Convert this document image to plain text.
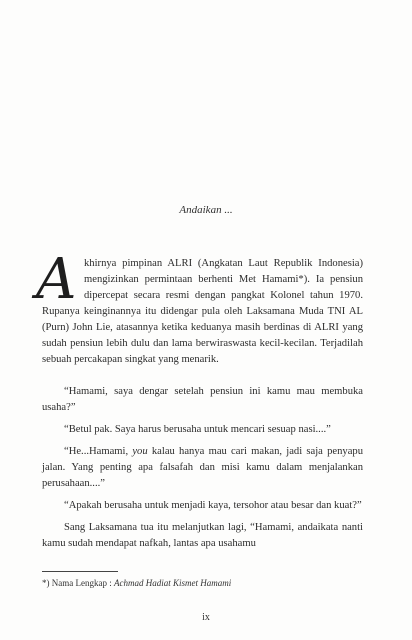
Andaikan ...
A khirnya pimpinan ALRI (Angkatan Laut Republik Indonesia) mengizinkan permintaan berhenti Met Hamami*). Ia pensiun dipercepat secara resmi dengan pangkat Kolonel tahun 1970. Rupanya keinginannya itu didengar pula oleh Laksamana Muda TNI AL (Purn) John Lie, atasannya ketika keduanya masih berdinas di ALRI yang sudah pensiun lebih dulu dan lama berwiraswasta kecil-kecilan. Terjadilah sebuah percakapan singkat yang menarik.

“Hamami, saya dengar setelah pensiun ini kamu mau membuka usaha?”

“Betul pak. Saya harus berusaha untuk mencari sesuap nasi....”

“He...Hamami, you kalau hanya mau cari makan, jadi saja penyapu jalan. Yang penting apa falsafah dan misi kamu dalam menjalankan perusahaan....”

“Apakah berusaha untuk menjadi kaya, tersohor atau besar dan kuat?”

Sang Laksamana tua itu melanjutkan lagi, “Hamami, andaikata nanti kamu sudah mendapat nafkah, lantas apa usahamu

*) Nama Lengkap : Achmad Hadiat Kismet Hamami
ix
